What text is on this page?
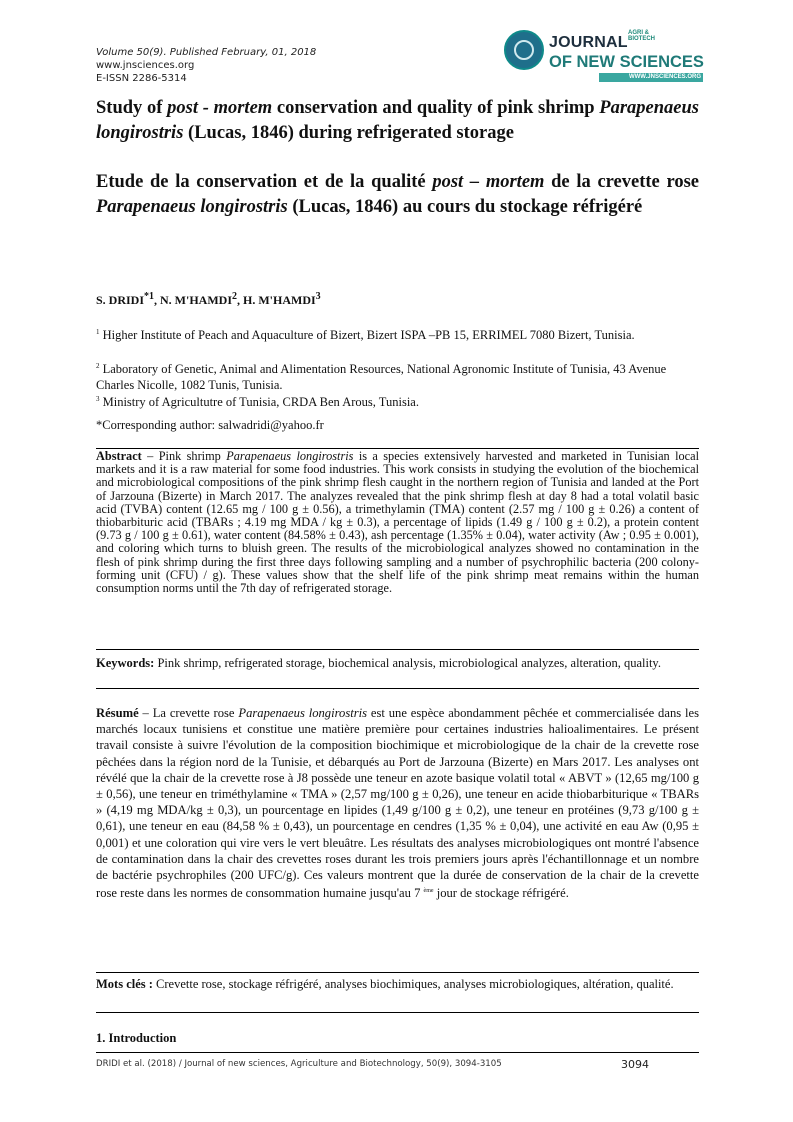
Volume 50(9). Published February, 01, 2018
www.jnsciences.org
E-ISSN 2286-5314
JOURNAL
AGRI & BIOTECH
OF NEW SCIENCES
WWW.JNSCIENCES.ORG
Study of post - mortem conservation and quality of pink shrimp Parapenaeus longirostris (Lucas, 1846) during refrigerated storage
Etude de la conservation et de la qualité post – mortem de la crevette rose Parapenaeus longirostris (Lucas, 1846) au cours du stockage réfrigéré
S. DRIDI$^{*1}$, N. M'HAMDI$^2$, H. M'HAMDI$^3$
$^1$ Higher Institute of Peach and Aquaculture of Bizert, Bizert ISPA –PB 15, ERRIMEL 7080 Bizert, Tunisia.
$^2$ Laboratory of Genetic, Animal and Alimentation Resources, National Agronomic Institute of Tunisia, 43 Avenue Charles Nicolle, 1082 Tunis, Tunisia.
$^3$ Ministry of Agricultutre of Tunisia, CRDA Ben Arous, Tunisia.
*Corresponding author: salwadridi@yahoo.fr
Abstract – Pink shrimp Parapenaeus longirostris is a species extensively harvested and marketed in Tunisian local markets and it is a raw material for some food industries. This work consists in studying the evolution of the biochemical and microbiological compositions of the pink shrimp flesh caught in the northern region of Tunisia and landed at the Port of Jarzouna (Bizerte) in March 2017. The analyzes revealed that the pink shrimp flesh at day 8 had a total volatil basic acid (TVBA) content (12.65 mg / 100 g ± 0.56), a trimethylamin (TMA) content (2.57 mg / 100 g ± 0.26) a content of thiobarbituric acid (TBARs ; 4.19 mg MDA / kg ± 0.3), a percentage of lipids (1.49 g / 100 g ± 0.2), a protein content (9.73 g / 100 g ± 0.61), water content (84.58% ± 0.43), ash percentage (1.35% ± 0.04), water activity (Aw ; 0.95 ± 0.001), and coloring which turns to bluish green. The results of the microbiological analyzes showed no contamination in the flesh of pink shrimp during the first three days following sampling and a number of psychrophilic bacteria (200 colony-forming unit (CFU) / g). These values show that the shelf life of the pink shrimp meat remains within the human consumption norms until the 7th day of refrigerated storage.
Keywords: Pink shrimp, refrigerated storage, biochemical analysis, microbiological analyzes, alteration, quality.
Résumé – La crevette rose Parapenaeus longirostris est une espèce abondamment pêchée et commercialisée dans les marchés locaux tunisiens et constitue une matière première pour certaines industries halioalimentaires. Le présent travail consiste à suivre l'évolution de la composition biochimique et microbiologique de la chair de la crevette rose pêchées dans la région nord de la Tunisie, et débarqués au Port de Jarzouna (Bizerte) en Mars 2017. Les analyses ont révélé que la chair de la crevette rose à J8 possède une teneur en azote basique volatil total « ABVT » (12,65 mg/100 g ± 0,56), une teneur en triméthylamine « TMA » (2,57 mg/100 g ± 0,26), une teneur en acide thiobarbiturique « TBARs » (4,19 mg MDA/kg ± 0,3), un pourcentage en lipides (1,49 g/100 g ± 0,2), une teneur en protéines (9,73 g/100 g ± 0,61), une teneur en eau (84,58 % ± 0,43), un pourcentage en cendres (1,35 % ± 0,04), une activité en eau Aw (0,95 ± 0,001) et une coloration qui vire vers le vert bleuâtre. Les résultats des analyses microbiologiques ont montré l'absence de contamination dans la chair des crevettes roses durant les trois premiers jours après l'échantillonnage et un nombre de bactérie psychrophiles (200 UFC/g). Ces valeurs montrent que la durée de conservation de la chair de la crevette rose reste dans les normes de consommation humaine jusqu'au 7 $^{ème}$ jour de stockage réfrigéré.
Mots clés : Crevette rose, stockage réfrigéré, analyses biochimiques, analyses microbiologiques, altération, qualité.
1. Introduction
DRIDI et al. (2018) / Journal of new sciences, Agriculture and Biotechnology, 50(9), 3094-3105	3094
